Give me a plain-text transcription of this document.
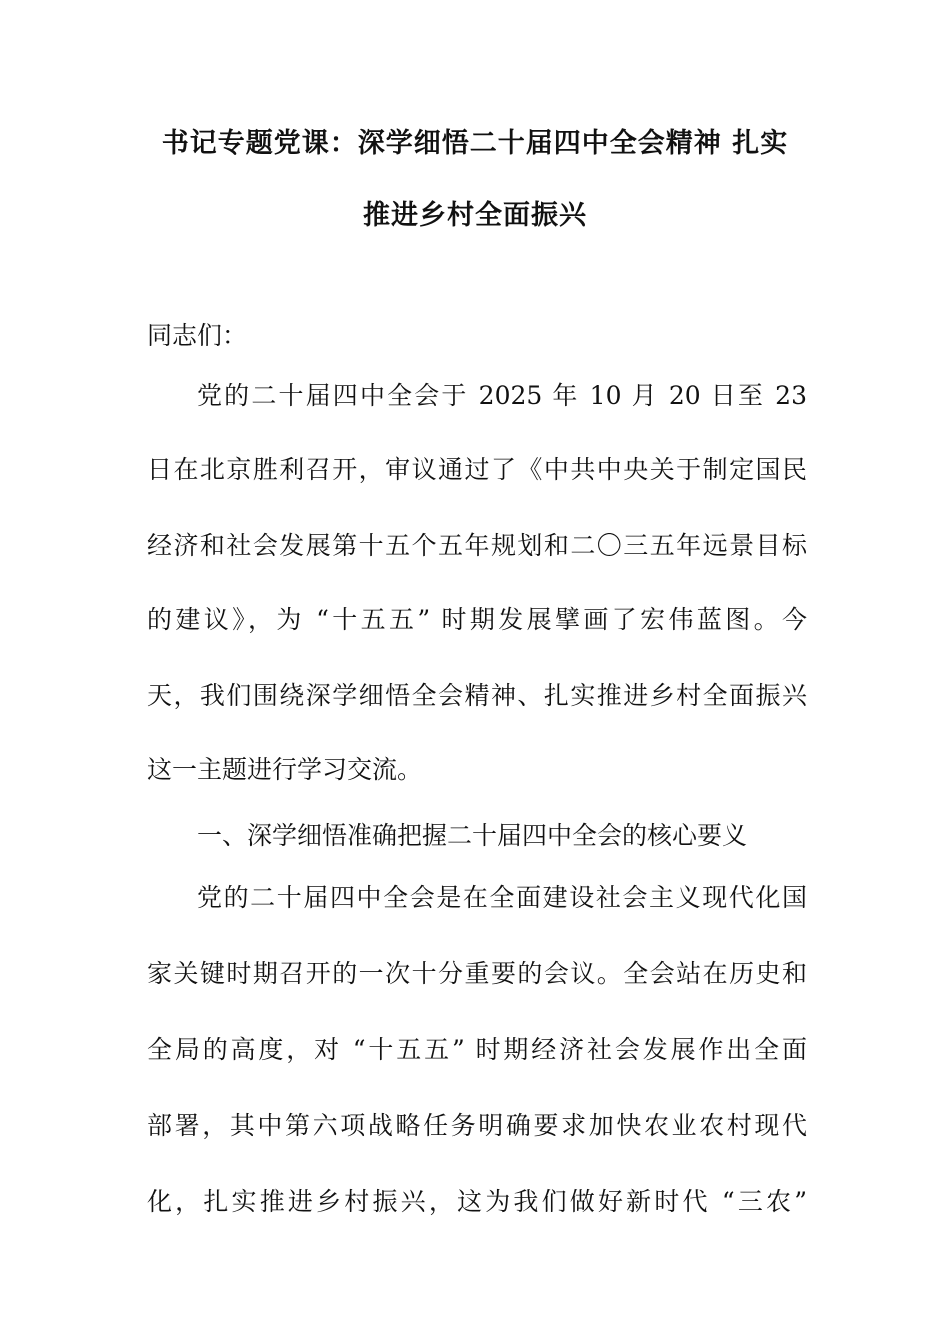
书记专题党课：深学细悟二十届四中全会精神 扎实
推进乡村全面振兴
同志们：
党的二十届四中全会于 2025 年 10 月 20 日至 23
日在北京胜利召开，审议通过了《中共中央关于制定国民
经济和社会发展第十五个五年规划和二〇三五年远景目标
的建议》，为 “十五五” 时期发展擘画了宏伟蓝图。今
天，我们围绕深学细悟全会精神、扎实推进乡村全面振兴
这一主题进行学习交流。
一、深学细悟准确把握二十届四中全会的核心要义
党的二十届四中全会是在全面建设社会主义现代化国
家关键时期召开的一次十分重要的会议。全会站在历史和
全局的高度，对 “十五五” 时期经济社会发展作出全面
部署，其中第六项战略任务明确要求加快农业农村现代
化，扎实推进乡村振兴，这为我们做好新时代 “三农”
